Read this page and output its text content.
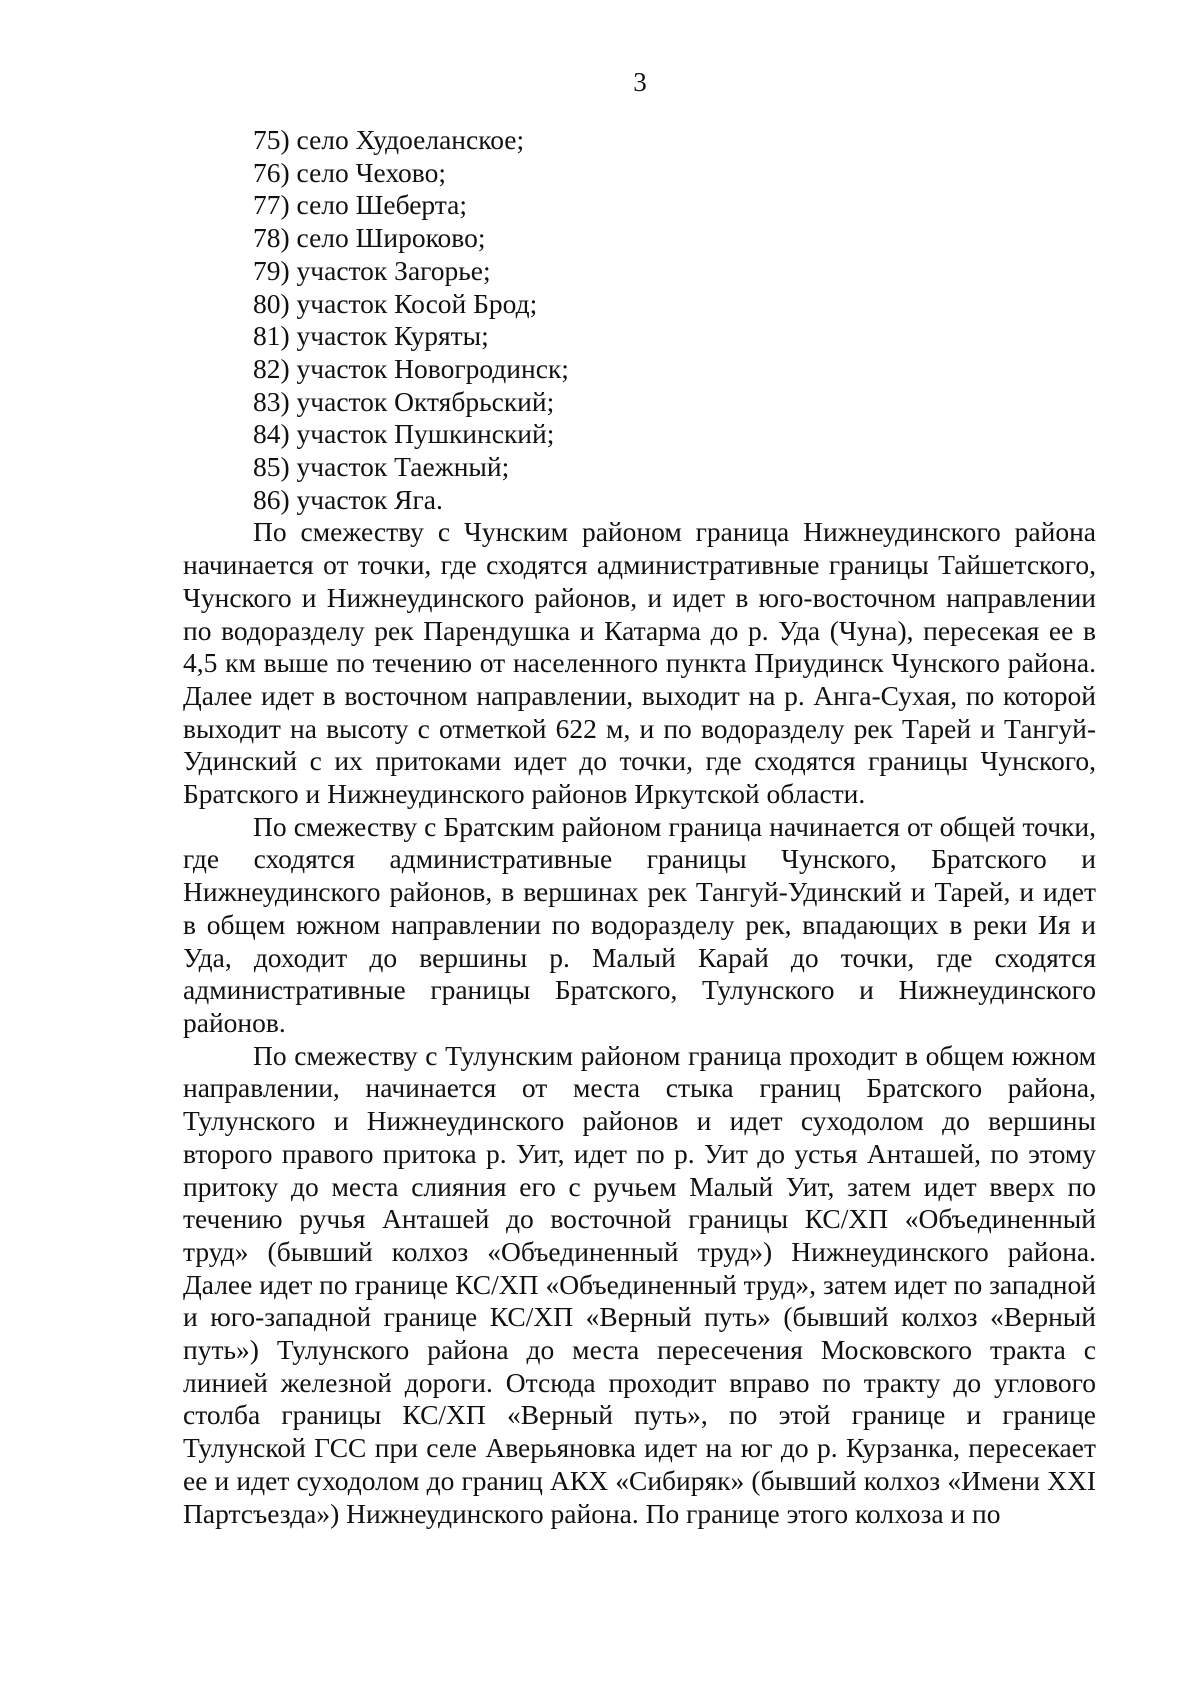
3
75) село Худоеланское;
76) село Чехово;
77) село Шеберта;
78) село Широково;
79) участок Загорье;
80) участок Косой Брод;
81) участок Куряты;
82) участок Новогродинск;
83) участок Октябрьский;
84) участок Пушкинский;
85) участок Таежный;
86) участок Яга.

По смежеству с Чунским районом граница Нижнеудинского района начинается от точки, где сходятся административные границы Тайшетского, Чунского и Нижнеудинского районов, и идет в юго-восточном направлении по водоразделу рек Парендушка и Катарма до р. Уда (Чуна), пересекая ее в 4,5 км выше по течению от населенного пункта Приудинск Чунского района. Далее идет в восточном направлении, выходит на р. Анга-Сухая, по которой выходит на высоту с отметкой 622 м, и по водоразделу рек Тарей и Тангуй-Удинский с их притоками идет до точки, где сходятся границы Чунского, Братского и Нижнеудинского районов Иркутской области.

По смежеству с Братским районом граница начинается от общей точки, где сходятся административные границы Чунского, Братского и Нижнеудинского районов, в вершинах рек Тангуй-Удинский и Тарей, и идет в общем южном направлении по водоразделу рек, впадающих в реки Ия и Уда, доходит до вершины р. Малый Карай до точки, где сходятся административные границы Братского, Тулунского и Нижнеудинского районов.

По смежеству с Тулунским районом граница проходит в общем южном направлении, начинается от места стыка границ Братского района, Тулунского и Нижнеудинского районов и идет суходолом до вершины второго правого притока р. Уит, идет по р. Уит до устья Анташей, по этому притоку до места слияния его с ручьем Малый Уит, затем идет вверх по течению ручья Анташей до восточной границы КС/ХП «Объединенный труд» (бывший колхоз «Объединенный труд») Нижнеудинского района. Далее идет по границе КС/ХП «Объединенный труд», затем идет по западной и юго-западной границе КС/ХП «Верный путь» (бывший колхоз «Верный путь») Тулунского района до места пересечения Московского тракта с линией железной дороги. Отсюда проходит вправо по тракту до углового столба границы КС/ХП «Верный путь», по этой границе и границе Тулунской ГСС при селе Аверьяновка идет на юг до р. Курзанка, пересекает ее и идет суходолом до границ АКХ «Сибиряк» (бывший колхоз «Имени XXI Партсъезда») Нижнеудинского района. По границе этого колхоза и по
